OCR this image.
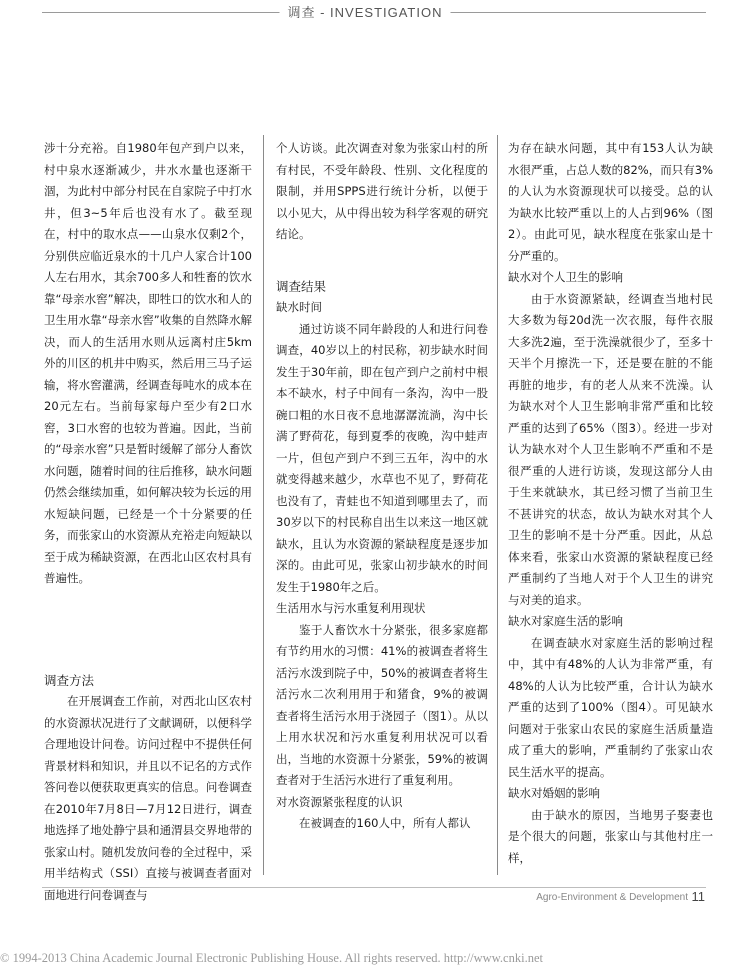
调查 - INVESTIGATION

涉十分充裕。自1980年包产到户以来，村中泉水逐渐减少，井水水量也逐渐干涸，为此村中部分村民在自家院子中打水井，但3~5年后也没有水了。截至现在，村中的取水点——山泉水仅剩2个，分别供应临近泉水的十几户人家合计100人左右用水，其余700多人和牲畜的饮水靠“母亲水窖”解决，即牲口的饮水和人的卫生用水靠“母亲水窖”收集的自然降水解决，而人的生活用水则从远离村庄5km外的川区的机井中购买，然后用三马子运输，将水窖灌满，经调查每吨水的成本在20元左右。当前每家每户至少有2口水窖，3口水窖的也较为普遍。因此，当前的“母亲水窖”只是暂时缓解了部分人畜饮水问题，随着时间的往后推移，缺水问题仍然会继续加重，如何解决较为长远的用水短缺问题，已经是一个十分紧要的任务，而张家山的水资源从充裕走向短缺以至于成为稀缺资源，在西北山区农村具有普遍性。

调查方法

在开展调查工作前，对西北山区农村的水资源状况进行了文献调研，以便科学合理地设计问卷。访问过程中不提供任何背景材料和知识，并且以不记名的方式作答问卷以便获取更真实的信息。问卷调查在2010年7月8日—7月12日进行，调查地选择了地处静宁县和通渭县交界地带的张家山村。随机发放问卷的全过程中，采用半结构式（SSI）直接与被调查者面对面地进行问卷调查与

个人访谈。此次调查对象为张家山村的所有村民，不受年龄段、性别、文化程度的限制，并用SPPS进行统计分析，以便于以小见大，从中得出较为科学客观的研究结论。

调查结果

缺水时间

通过访谈不同年龄段的人和进行问卷调查，40岁以上的村民称，初步缺水时间发生于30年前，即在包产到户之前村中根本不缺水，村子中间有一条沟，沟中一股碗口粗的水日夜不息地潺潺流淌，沟中长满了野荷花，每到夏季的夜晚，沟中蛙声一片，但包产到户不到三五年，沟中的水就变得越来越少，水草也不见了，野荷花也没有了，青蛙也不知道到哪里去了，而30岁以下的村民称自出生以来这一地区就缺水，且认为水资源的紧缺程度是逐步加深的。由此可见，张家山初步缺水的时间发生于1980年之后。

生活用水与污水重复利用现状

鉴于人畜饮水十分紧张，很多家庭都有节约用水的习惯：41%的被调查者将生活污水泼到院子中，50%的被调查者将生活污水二次利用用于和猪食，9%的被调查者将生活污水用于浇园子（图1）。从以上用水状况和污水重复利用状况可以看出，当地的水资源十分紧张，59%的被调查者对于生活污水进行了重复利用。

对水资源紧张程度的认识

在被调查的160人中，所有人都认

为存在缺水问题，其中有153人认为缺水很严重，占总人数的82%，而只有3%的人认为水资源现状可以接受。总的认为缺水比较严重以上的人占到96%（图2）。由此可见，缺水程度在张家山是十分严重的。

缺水对个人卫生的影响

由于水资源紧缺，经调查当地村民大多数为每20d洗一次衣服，每件衣服大多洗2遍，至于洗澡就很少了，至多十天半个月擦洗一下，还是要在脏的不能再脏的地步，有的老人从来不洗澡。认为缺水对个人卫生影响非常严重和比较严重的达到了65%（图3）。经进一步对认为缺水对个人卫生影响不严重和不是很严重的人进行访谈，发现这部分人由于生来就缺水，其已经习惯了当前卫生不甚讲究的状态，故认为缺水对其个人卫生的影响不是十分严重。因此，从总体来看，张家山水资源的紧缺程度已经严重制约了当地人对于个人卫生的讲究与对美的追求。

缺水对家庭生活的影响

在调查缺水对家庭生活的影响过程中，其中有48%的人认为非常严重，有48%的人认为比较严重，合计认为缺水严重的达到了100%（图4）。可见缺水问题对于张家山农民的家庭生活质量造成了重大的影响，严重制约了张家山农民生活水平的提高。

缺水对婚姻的影响

由于缺水的原因，当地男子娶妻也是个很大的问题，张家山与其他村庄一样，

Agro-Environment & Development 11
© 1994-2013 China Academic Journal Electronic Publishing House. All rights reserved. http://www.cnki.net
